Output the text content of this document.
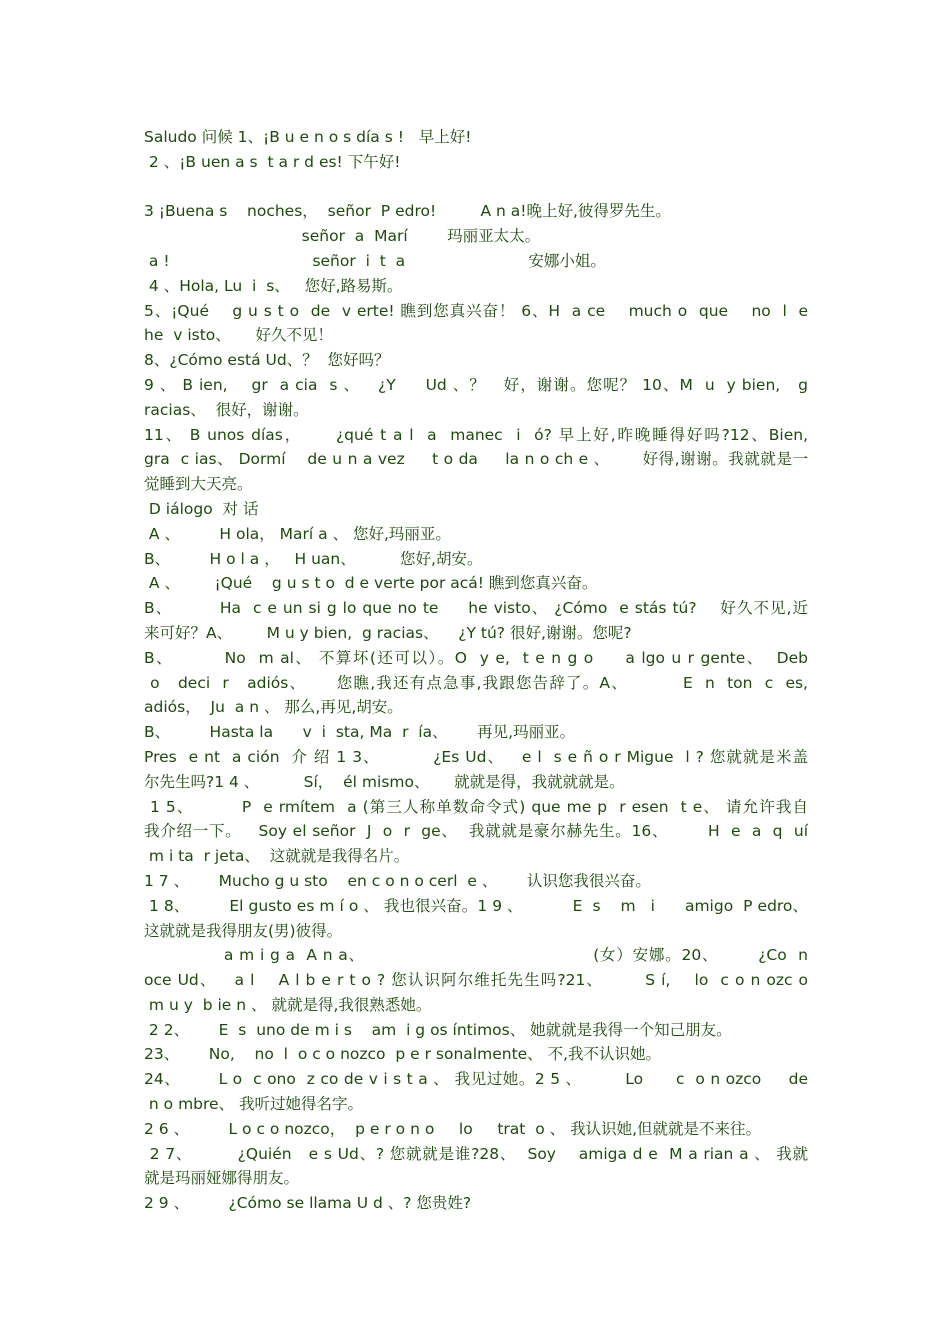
Saludo 问候 1、¡B u e n o s día s !   早上好!
2 、¡B uen a s  t a r d es! 下午好!
3 ¡Buena s    noches，  señor  P edro!         A n a!晚上好,彼得罗先生。
señor  a  Marí        玛丽亚太太。
a !                             señor  i  t  a                         安娜小姐。
4 、Hola, Lu  i  s、   您好,路易斯。
5、¡Qué    g u s t o  de  v erte! 瞧到您真兴奋！ 6、H  a ce    much o  que    no  l  e
he  v isto、     好久不见！
8、¿Cómo está Ud、？  您好吗？
9 、 B ien,    gr  a cia  s 、   ¿Y     Ud 、？   好，谢谢。您呢？ 10、M  u  y bien,   g
racias、  很好，谢谢。
11、 B unos días，     ¿qué t a l  a  manec  i  ó? 早上好,昨晚睡得好吗?12、Bien,
gra  c ias、 Dormí    de u n a vez     t o da     la n o ch e 、      好得,谢谢。我就就是一
觉睡到大天亮。
D iálogo  对 话
A 、        H ola， Marí a 、 您好,玛丽亚。
B、        H o l a ，   H uan、         您好,胡安。
A 、       ¡Qué    g u s t o  d e verte por acá! 瞧到您真兴奋。
B、        Ha  c e un si g lo que no te     he visto、 ¿Cómo  e stás tú?    好久不见,近
来可好？A、       M u y bien,  g racias、    ¿Y tú? 很好,谢谢。您呢?
B、        No  m al、 不算坏(还可以）。O  y e,  t e n g o     a lgo u r gente、  Deb
o   deci  r   adiós、     您瞧,我还有点急事,我跟您告辞了。A、         E  n  ton  c  es,
adiós，  Ju  a n 、 那么,再见,胡安。
B、        Hasta la      v  i  sta, Ma  r  ía、      再见,玛丽亚。
Pres  e nt  a ción  介 绍 1 3、         ¿Es Ud、   e l  s e ñ o r Migue  l ? 您就就是米盖
尔先生吗?1 4 、         Sí，  él mismo、     就就是得，我就就就是。
1 5、        P  e rmítem  a (第三人称单数命令式) que me p  r esen  t e、 请允许我自
我介绍一下。   Soy el señor  J  o  r  ge、  我就就是豪尔赫先生。16、       H  e  a  q  uí
m i ta  r jeta、  这就就是我得名片。
1 7 、      Mucho g u sto    en c o n o cerl  e 、      认识您我很兴奋。
1 8、        El gusto es m í o 、 我也很兴奋。1 9 、          E  s    m   i      amigo  P edro、
这就就是我得朋友(男)彼得。
a m i g a  A n a、                                        (女）安娜。20、       ¿Co  n
oce Ud、   a l    A l b e r t o ? 您认识阿尔维托先生吗?21、       S í,    lo  c o n ozc o
m u y  b ie n 、 就就是得,我很熟悉她。
2 2、      E  s  uno de m i s    am  i g os íntimos、 她就就是我得一个知己朋友。
23、      No,    no  l  o c o nozco  p e r sonalmente、 不,我不认识她。
24、       L o  c ono  z co de v i s t a 、 我见过她。2 5 、        Lo      c  o n ozco     de
n o mbre、 我听过她得名字。
2 6 、        L o c o nozco，  p e r o n o     lo     trat  o 、 我认识她,但就就是不来往。
2 7、        ¿Quién   e s Ud、? 您就就是谁?28、  Soy    amiga d e  M a rian a 、 我就
就是玛丽娅娜得朋友。
2 9 、        ¿Cómo se llama U d 、? 您贵姓?
